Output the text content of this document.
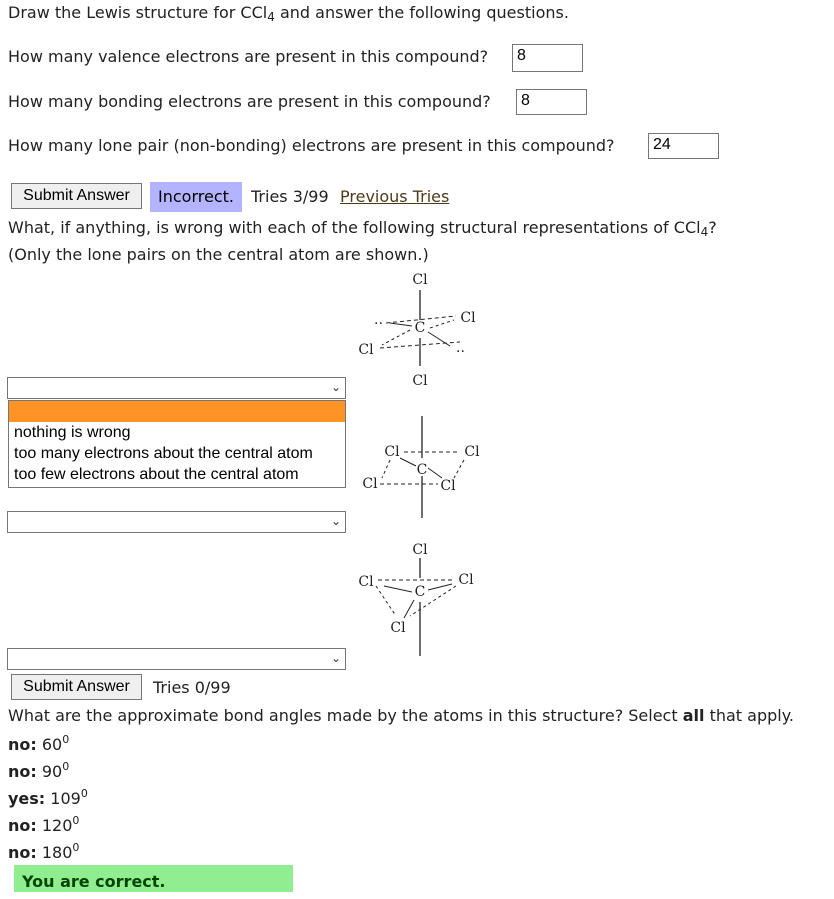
Draw the Lewis structure for CCl$_4$ and answer the following questions.
How many valence electrons are present in this compound?	8
How many bonding electrons are present in this compound?	8
How many lone pair (non-bonding) electrons are present in this compound?	24
Submit Answer	Incorrect.	Tries 3/99 Previous Tries
What, if anything, is wrong with each of the following structural representations of CCl$_4$?
(Only the lone pairs on the central atom are shown.)
Cl
C
Cl
Cl
Cl
..
..
⌄
nothing is wrong
too many electrons about the central atom
too few electrons about the central atom	C
Cl	Cl
Cl	Cl
⌄
Cl
C
Cl	Cl
Cl
⌄
Submit Answer	Tries 0/99
What are the approximate bond angles made by the atoms in this structure? Select all that apply.
no: $60^0$
no: $90^0$
yes: $109^0$
no: $120^0$
no: $180^0$
You are correct.
